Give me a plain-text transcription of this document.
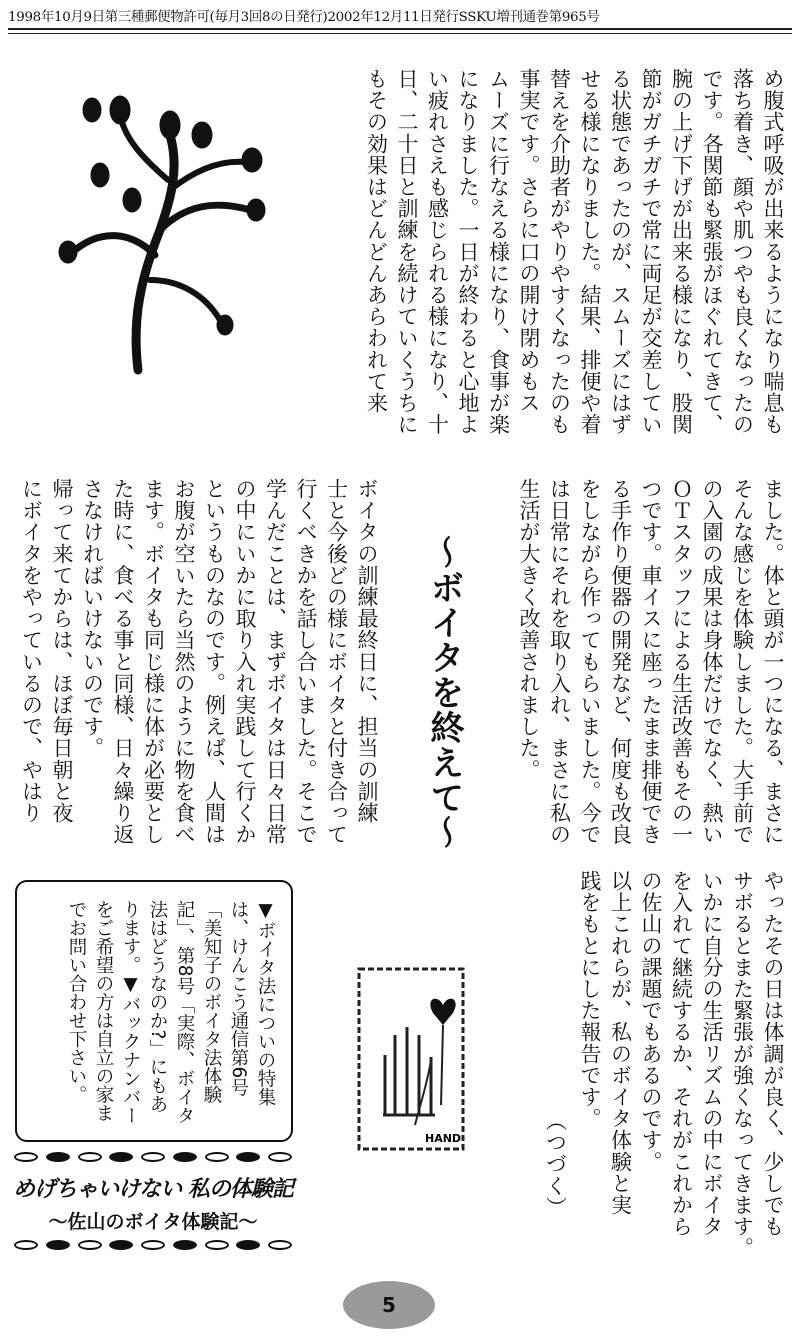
1998年10月9日第三種郵便物許可(毎月3回8の日発行)2002年12月11日発行SSKU増刊通巻第965号
め腹式呼吸が出来るようになり喘息も
落ち着き、顔や肌つやも良くなったの
です。各関節も緊張がほぐれてきて、
腕の上げ下げが出来る様になり、股関
節がガチガチで常に両足が交差してい
る状態であったのが、スムーズにはず
せる様になりました。結果、排便や着
替えを介助者がやりやすくなったのも
事実です。さらに口の開け閉めもス
ムーズに行なえる様になり、食事が楽
になりました。一日が終わると心地よ
い疲れさえも感じられる様になり、十
日、二十日と訓練を続けていくうちに
もその効果はどんどんあらわれて来
ました。体と頭が一つになる、まさに
そんな感じを体験しました。大手前で
の入園の成果は身体だけでなく、熱い
ＯＴスタッフによる生活改善もその一
つです。車イスに座ったまま排便でき
る手作り便器の開発など、何度も改良
をしながら作ってもらいました。今で
は日常にそれを取り入れ、まさに私の
生活が大きく改善されました。
〜ボイタを終えて〜
ボイタの訓練最終日に、担当の訓練
士と今後どの様にボイタと付き合って
行くべきかを話し合いました。そこで
学んだことは、まずボイタは日々日常
の中にいかに取り入れ実践して行くか
というものなのです。例えば、人間は
お腹が空いたら当然のように物を食べ
ます。ボイタも同じ様に体が必要とし
た時に、食べる事と同様、日々繰り返
さなければいけないのです。
帰って来てからは、ほぼ毎日朝と夜
にボイタをやっているので、やはり
やったその日は体調が良く、少しでも
サボるとまた緊張が強くなってきます。
いかに自分の生活リズムの中にボイタ
を入れて継続するか、それがこれから
の佐山の課題でもあるのです。
以上これらが、私のボイタ体験と実
践をもとにした報告です。
（つづく）
HAND
▼ボイタ法についの特集
は、けんこう通信第6号
「美知子のボイタ法体験
記」、第8号「実際、ボイタ
法はどうなのか?」にもあ
ります。▼バックナンバー
をご希望の方は自立の家ま
でお問い合わせ下さい。
めげちゃいけない 私の体験記
〜佐山のボイタ体験記〜
5
